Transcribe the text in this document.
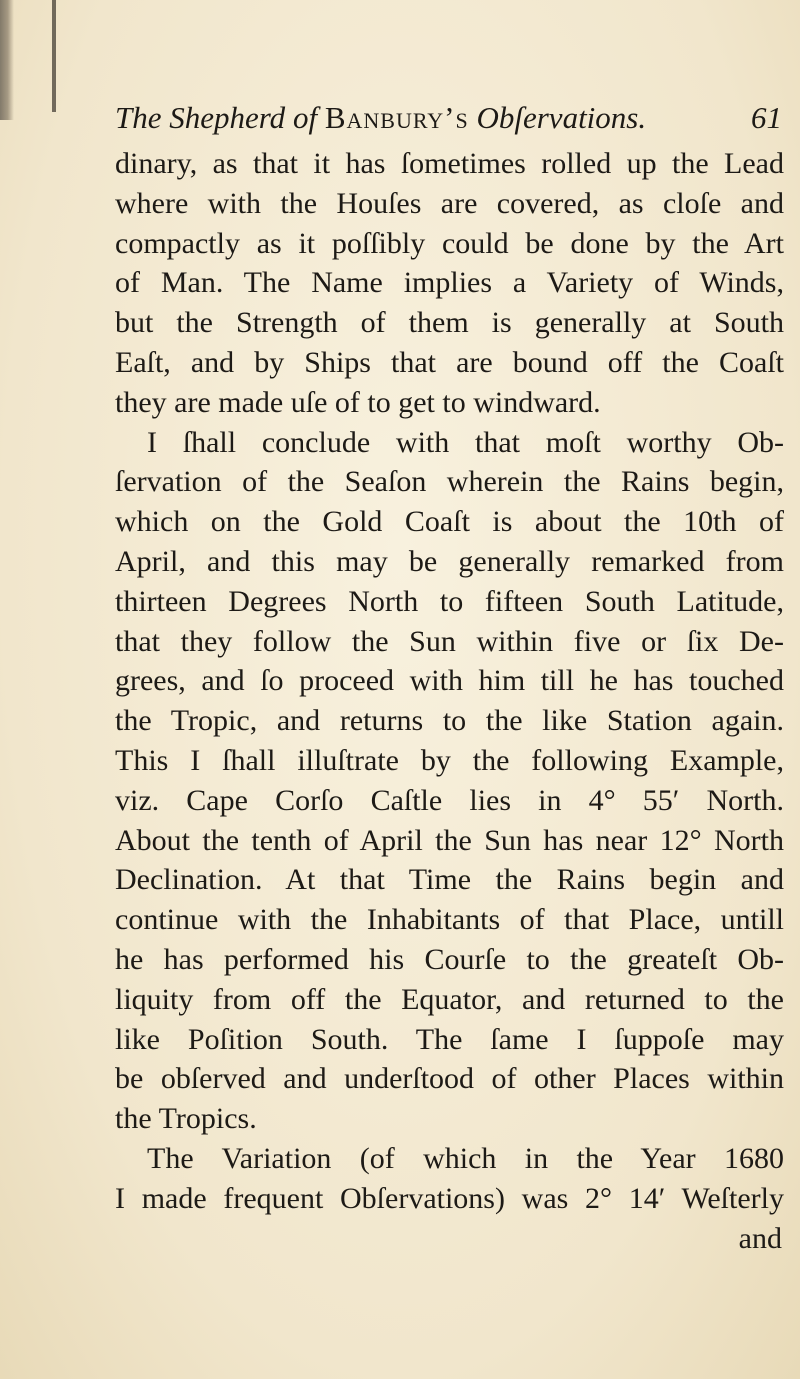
The Shepherd of Banbury’s Obſervations.	61
dinary, as that it has ſometimes rolled up the Lead
where with the Houſes are covered, as cloſe and
compactly as it poſſibly could be done by the Art
of Man. The Name implies a Variety of Winds,
but the Strength of them is generally at South
Eaſt, and by Ships that are bound off the Coaſt
they are made uſe of to get to windward.
I ſhall conclude with that moſt worthy Ob-
ſervation of the Seaſon wherein the Rains begin,
which on the Gold Coaſt is about the 10th of
April, and this may be generally remarked from
thirteen Degrees North to fifteen South Latitude,
that they follow the Sun within five or ſix De-
grees, and ſo proceed with him till he has touched
the Tropic, and returns to the like Station again.
This I ſhall illuſtrate by the following Example,
viz. Cape Corſo Caſtle lies in 4° 55′ North.
About the tenth of April the Sun has near 12° North
Declination. At that Time the Rains begin and
continue with the Inhabitants of that Place, untill
he has performed his Courſe to the greateſt Ob-
liquity from off the Equator, and returned to the
like Poſition South. The ſame I ſuppoſe may
be obſerved and underſtood of other Places within
the Tropics.
The Variation (of which in the Year 1680
I made frequent Obſervations) was 2° 14′ Weſterly
and
